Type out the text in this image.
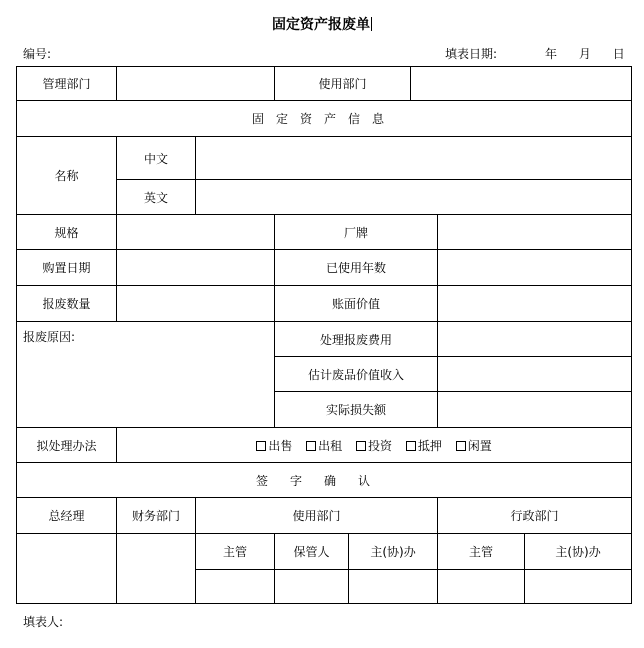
固定资产报废单
编号:	填表日期:	年 月 日
管理部门			使用部门				
固定资产信息							
名称	中文						
	英文						
规格			厂牌				
购置日期			已使用年数				
报废数量			账面价值				
报废原因:			处理报废费用				
			估计废品价值收入				
			实际损失额				
拟处理办法	出售 出租 投资 抵押 闲置						
签字确认							
总经理	财务部门	使用部门				行政部门	
		主管	保管人	主(协)办		主管	主(协)办

填表人:
